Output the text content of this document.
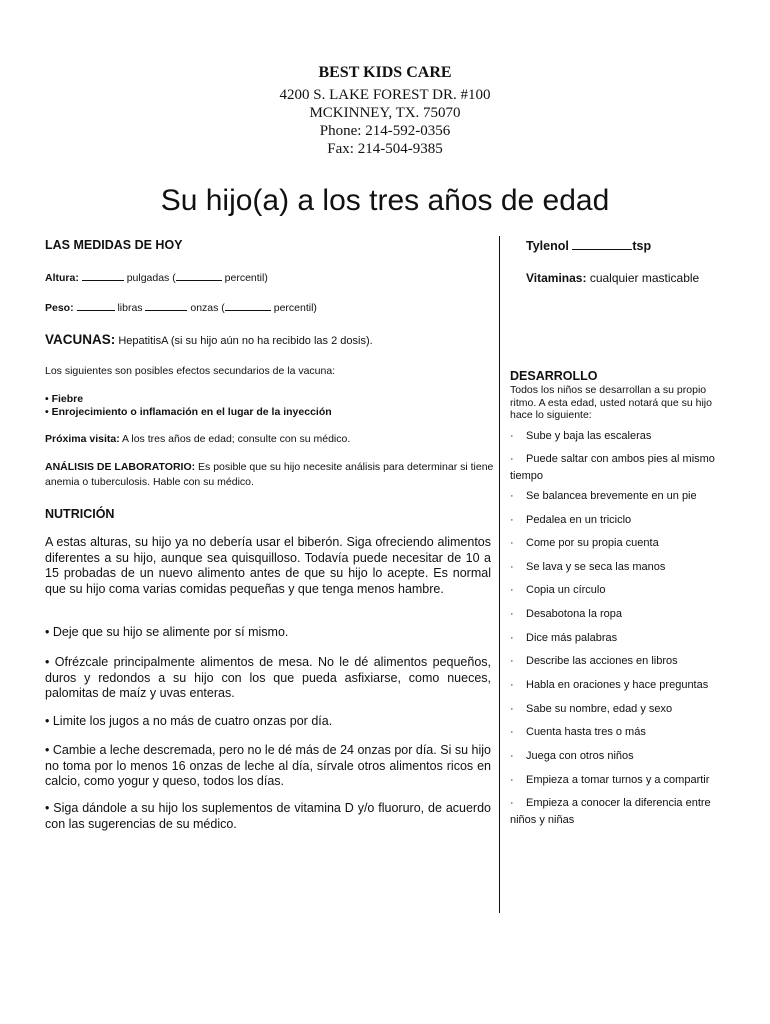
BEST KIDS CARE
4200 S. LAKE FOREST DR. #100
MCKINNEY, TX. 75070
Phone: 214-592-0356
Fax: 214-504-9385
Su hijo(a) a los tres años de edad
LAS MEDIDAS DE HOY
Altura:	pulgadas (	percentil)
Peso:	libras	onzas (	percentil)
Tylenol	tsp
Vitaminas: cualquier masticable
VACUNAS: HepatitisA (si su hijo aún no ha recibido las 2 dosis).
Los siguientes son posibles efectos secundarios de la vacuna:
• Fiebre
• Enrojecimiento o inflamación en el lugar de la inyección
Próxima visita: A los tres años de edad; consulte con su médico.
ANÁLISIS DE LABORATORIO: Es posible que su hijo necesite análisis para determinar si tiene
anemia o tuberculosis. Hable con su médico.
NUTRICIÓN
A estas alturas, su hijo ya no debería usar el biberón. Siga ofreciendo alimentos diferentes a su hijo, aunque sea quisquilloso. Todavía puede necesitar de 10 a 15 probadas de un nuevo alimento antes de que su hijo lo acepte. Es normal que su hijo coma varias comidas pequeñas y que tenga menos hambre.
• Deje que su hijo se alimente por sí mismo.
• Ofrézcale principalmente alimentos de mesa. No le dé alimentos pequeños, duros y redondos a su hijo con los que pueda asfixiarse, como nueces, palomitas de maíz y uvas enteras.
• Limite los jugos a no más de cuatro onzas por día.
• Cambie a leche descremada, pero no le dé más de 24 onzas por día. Si su hijo no toma por lo menos 16 onzas de leche al día, sírvale otros alimentos ricos en calcio, como yogur y queso, todos los días.
• Siga dándole a su hijo los suplementos de vitamina D y/o fluoruro, de acuerdo con las sugerencias de su médico.
DESARROLLO
Todos los niños se desarrollan a su propio ritmo. A esta edad, usted notará que su hijo hace lo siguiente:
· Sube y baja las escaleras
· Puede saltar con ambos pies al mismo tiempo
· Se balancea brevemente en un pie
· Pedalea en un triciclo
· Come por su propia cuenta
· Se lava y se seca las manos
· Copia un círculo
· Desabotona la ropa
· Dice más palabras
· Describe las acciones en libros
· Habla en oraciones y hace preguntas
· Sabe su nombre, edad y sexo
· Cuenta hasta tres o más
· Juega con otros niños
· Empieza a tomar turnos y a compartir
· Empieza a conocer la diferencia entre niños y niñas
